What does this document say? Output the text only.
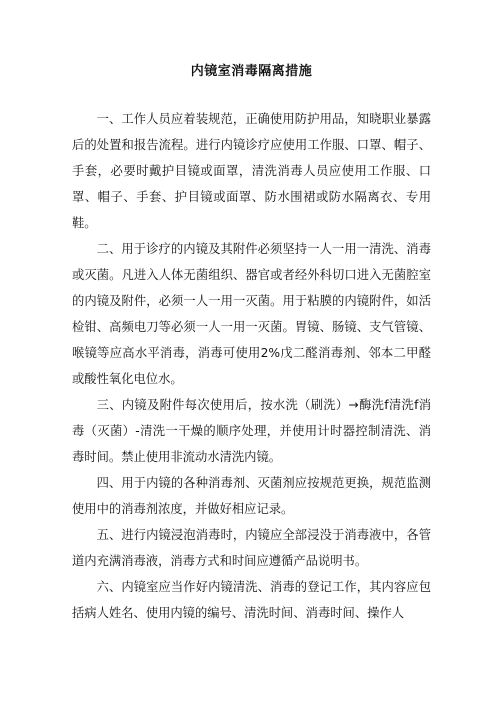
内镜室消毒隔离措施

一、工作人员应着装规范，正确使用防护用品，知晓职业暴露后的处置和报告流程。进行内镜诊疗应使用工作服、口罩、帽子、手套，必要时戴护目镜或面罩，清洗消毒人员应使用工作服、口罩、帽子、手套、护目镜或面罩、防水围裙或防水隔离衣、专用鞋。

二、用于诊疗的内镜及其附件必须坚持一人一用一清洗、消毒或灭菌。凡进入人体无菌组织、器官或者经外科切口进入无菌腔室的内镜及附件，必须一人一用一灭菌。用于粘膜的内镜附件，如活检钳、高频电刀等必须一人一用一灭菌。胃镜、肠镜、支气管镜、喉镜等应高水平消毒，消毒可使用2%戊二醛消毒剂、邻本二甲醛或酸性氧化电位水。

三、内镜及附件每次使用后，按水洗（刷洗）→酶洗f清洗f消毒（灭菌）-清洗一干燥的顺序处理，并使用计时器控制清洗、消毒时间。禁止使用非流动水清洗内镜。

四、用于内镜的各种消毒剂、灭菌剂应按规范更换，规范监测使用中的消毒剂浓度，并做好相应记录。

五、进行内镜浸泡消毒时，内镜应全部浸没于消毒液中，各管道内充满消毒液，消毒方式和时间应遵循产品说明书。

六、内镜室应当作好内镜清洗、消毒的登记工作，其内容应包括病人姓名、使用内镜的编号、清洗时间、消毒时间、操作人
